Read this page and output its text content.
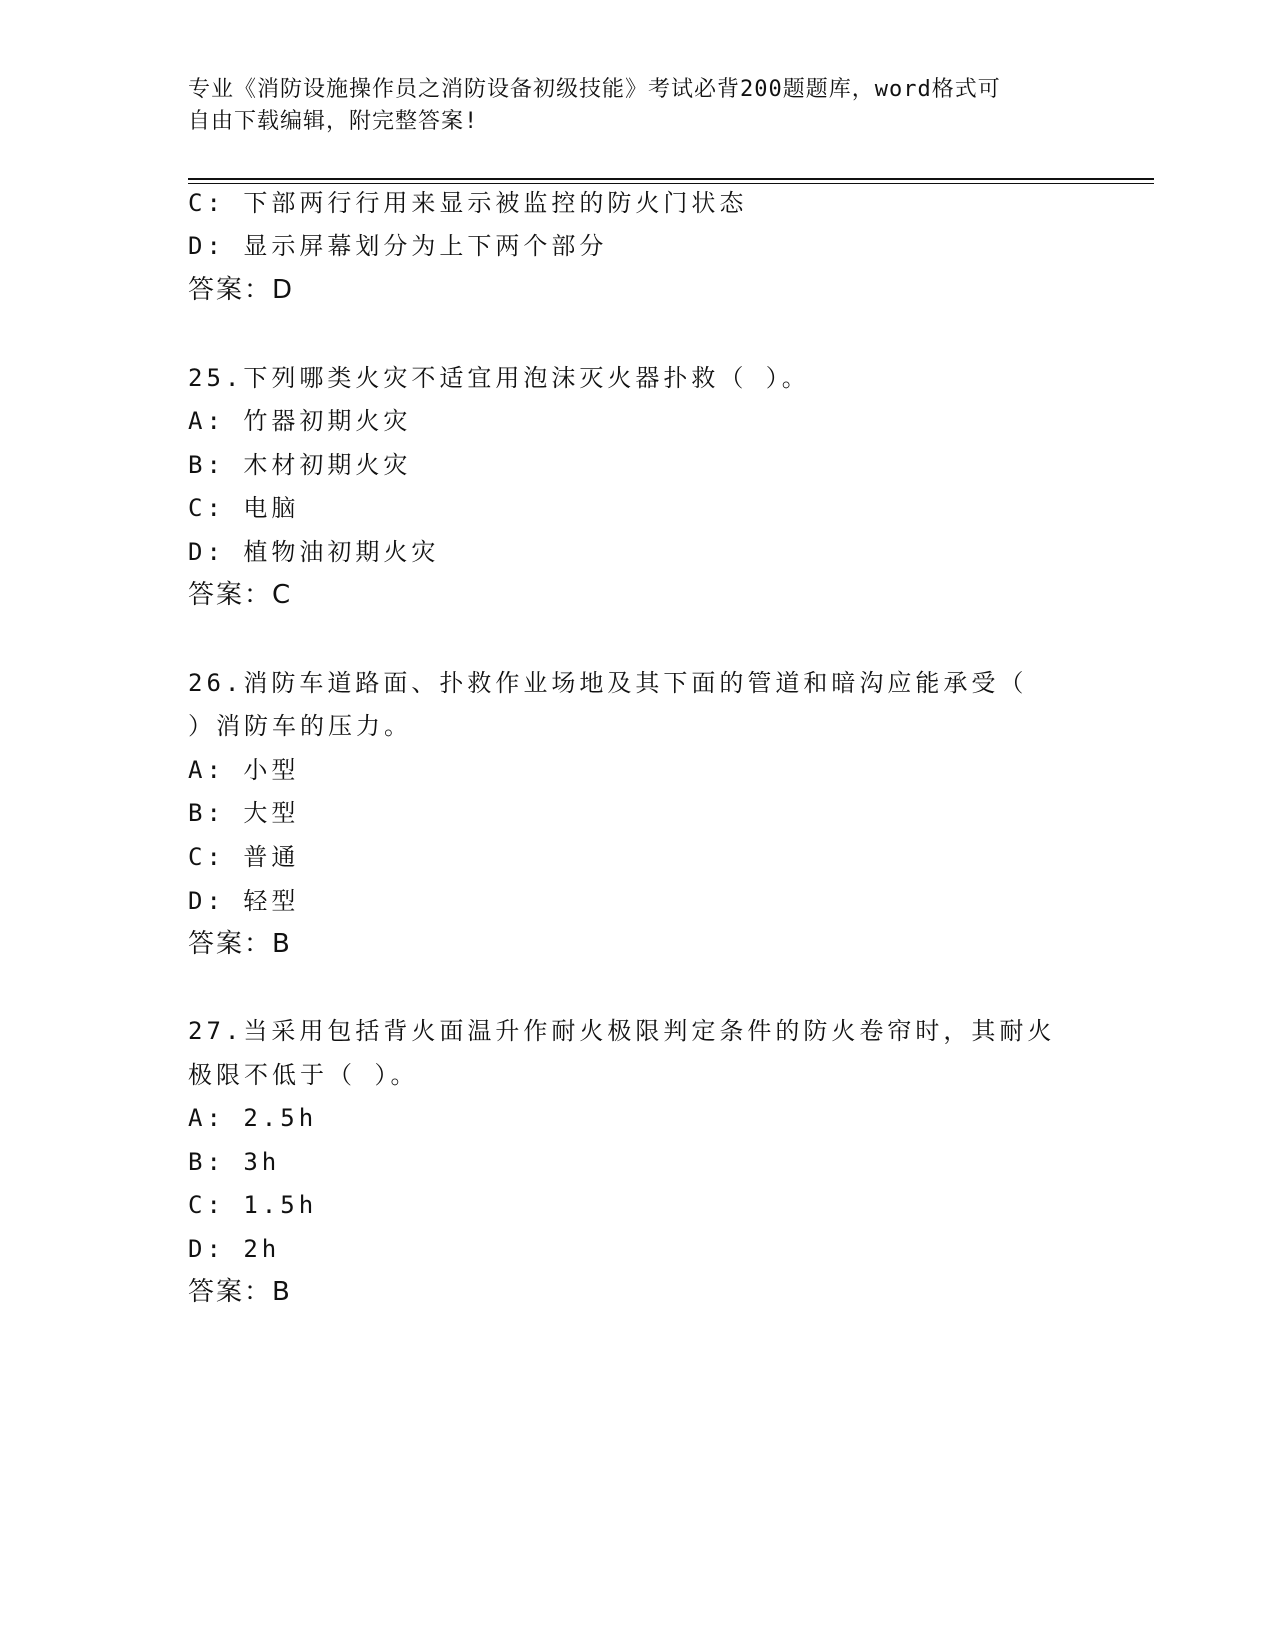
专业《消防设施操作员之消防设备初级技能》考试必背200题题库，word格式可
自由下载编辑，附完整答案!
C: 下部两行行用来显示被监控的防火门状态
D: 显示屏幕划分为上下两个部分
答案：D
25.下列哪类火灾不适宜用泡沫灭火器扑救（ ）。
A: 竹器初期火灾
B: 木材初期火灾
C: 电脑
D: 植物油初期火灾
答案：C
26.消防车道路面、扑救作业场地及其下面的管道和暗沟应能承受（
）消防车的压力。
A: 小型
B: 大型
C: 普通
D: 轻型
答案：B
27.当采用包括背火面温升作耐火极限判定条件的防火卷帘时，其耐火
极限不低于（ ）。
A: 2.5h
B: 3h
C: 1.5h
D: 2h
答案：B
